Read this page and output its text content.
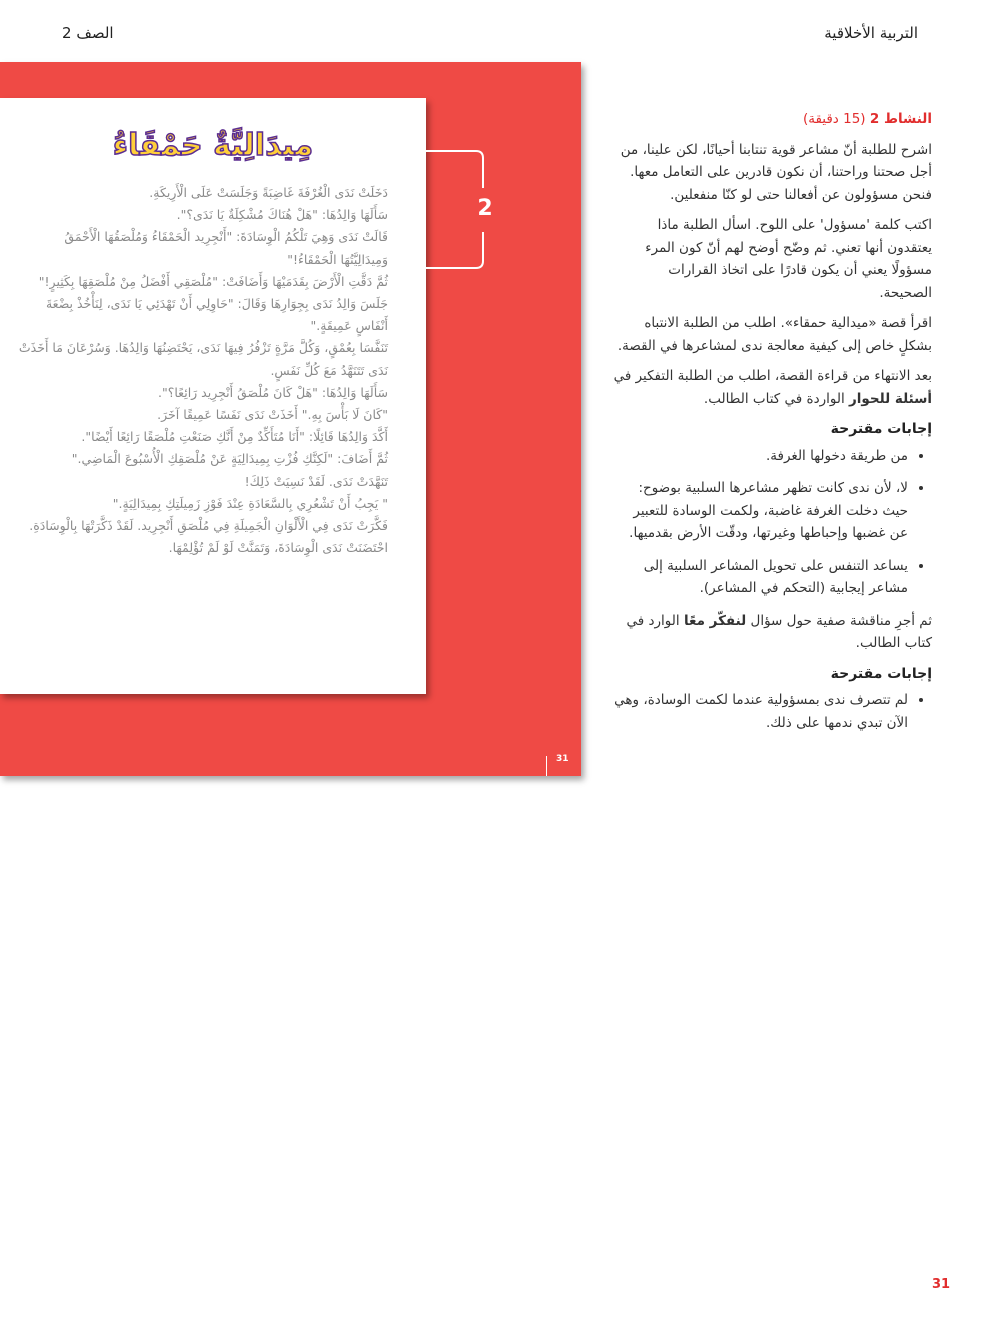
التربية الأخلاقية
الصف 2
مِيدَالِيَّةٌ حَمْقَاءُ

دَخَلَتْ نَدَى الْغُرْفَةَ غَاضِبَةً وَجَلَسَتْ عَلَى الْأَرِيكَةِ.

سَأَلَهَا وَالِدُهَا: "هَلْ هُنَاكَ مُشْكِلَةٌ يَا نَدَى؟".

قَالَتْ نَدَى وَهِيَ تَلْكُمُ الْوِسَادَةَ: "أَنْجِرِيد الْحَمْقَاءُ وَمُلْصَقُهَا الْأَحْمَقُ وَمِيدَالِيَّتُهَا الْحَمْقَاءُ!"

ثُمَّ دَقَّتِ الْأَرْضَ بِقَدَمَيْهَا وَأَضَافَتْ: "مُلْصَقِي أَفْضَلُ مِنْ مُلْصَقِهَا بِكَثِيرٍ!"

جَلَسَ وَالِدُ نَدَى بِجِوَارِهَا وَقَالَ: "حَاوِلِي أَنْ تَهْدَئِي يَا نَدَى، لِنَأْخُذْ بِضْعَةَ أَنْفَاسٍ عَمِيقَةٍ."

تَنَفَّسَا بِعُمْقٍ، وَكُلَّ مَرَّةٍ تَزْفُرُ فِيهَا نَدَى، يَحْتَضِنُهَا وَالِدُهَا. وَسُرْعَانَ مَا أَخَذَتْ نَدَى تَتَنَهَّدُ مَعَ كُلِّ نَفَسٍ.

سَأَلَهَا وَالِدُهَا: "هَلْ كَانَ مُلْصَقُ أَنْجِرِيد رَائِعًا؟".

"كَانَ لَا بَأْسَ بِهِ." أَخَذَتْ نَدَى نَفَسًا عَمِيقًا آخَرَ.

أَكَّدَ وَالِدُهَا قَائِلًا: "أَنَا مُتَأَكِّدٌ مِنْ أَنَّكِ صَنَعْتِ مُلْصَقًا رَائِعًا أَيْضًا".

ثُمَّ أَضَافَ: "لَكِنَّكِ فُزْتِ بِمِيدَالِيَةٍ عَنْ مُلْصَقِكِ الْأُسْبُوعَ الْمَاضِي."

تَنَهَّدَتْ نَدَى. لَقَدْ نَسِيَتْ ذَلِكَ!

" يَجِبُ أَنْ تَشْعُرِي بِالسَّعَادَةِ عِنْدَ فَوْزِ زَمِيلَتِكِ بِمِيدَالِيَةٍ."

فَكَّرَتْ نَدَى فِي الْأَلْوَانِ الْجَمِيلَةِ فِي مُلْصَقِ أَنْجِرِيد. لَقَدْ ذَكَّرَتْهَا بِالْوِسَادَةِ.

احْتَضَنَتْ نَدَى الْوِسَادَةَ، وَتَمَنَّتْ لَوْ لَمْ تُؤْلِمْهَا.

2
31

النشاط 2 (15 دقيقة)

اشرح للطلبة أنّ مشاعر قوية تنتابنا أحيانًا، لكن علينا، من أجل صحتنا وراحتنا، أن نكون قادرين على التعامل معها.
فنحن مسؤولون عن أفعالنا حتى لو كنّا منفعلين.

اكتب كلمة 'مسؤول' على اللوح. اسأل الطلبة ماذا يعتقدون أنها تعني. ثم وضّح أوضح لهم أنّ كون المرء مسؤولًا يعني أن يكون قادرًا على اتخاذ القرارات الصحيحة.

اقرأ قصة «ميدالية حمقاء». اطلب من الطلبة الانتباه بشكلٍ خاص إلى كيفية معالجة ندى لمشاعرها في القصة.

بعد الانتهاء من قراءة القصة، اطلب من الطلبة التفكير في أسئلة للحوار الواردة في كتاب الطالب.

إجابات مقترحة

• من طريقة دخولها الغرفة.
• لا، لأن ندى كانت تظهر مشاعرها السلبية بوضوح: حيث دخلت الغرفة غاضبة، ولكمت الوسادة للتعبير عن غضبها وإحباطها وغيرتها، ودقّت الأرض بقدميها.
• يساعد التنفس على تحويل المشاعر السلبية إلى مشاعر إيجابية (التحكم في المشاعر).

ثم أجرِ مناقشة صفية حول سؤال لنفكّر معًا الوارد في كتاب الطالب.

إجابات مقترحة

• لم تتصرف ندى بمسؤولية عندما لكمت الوسادة، وهي الآن تبدي ندمها على ذلك.
31
